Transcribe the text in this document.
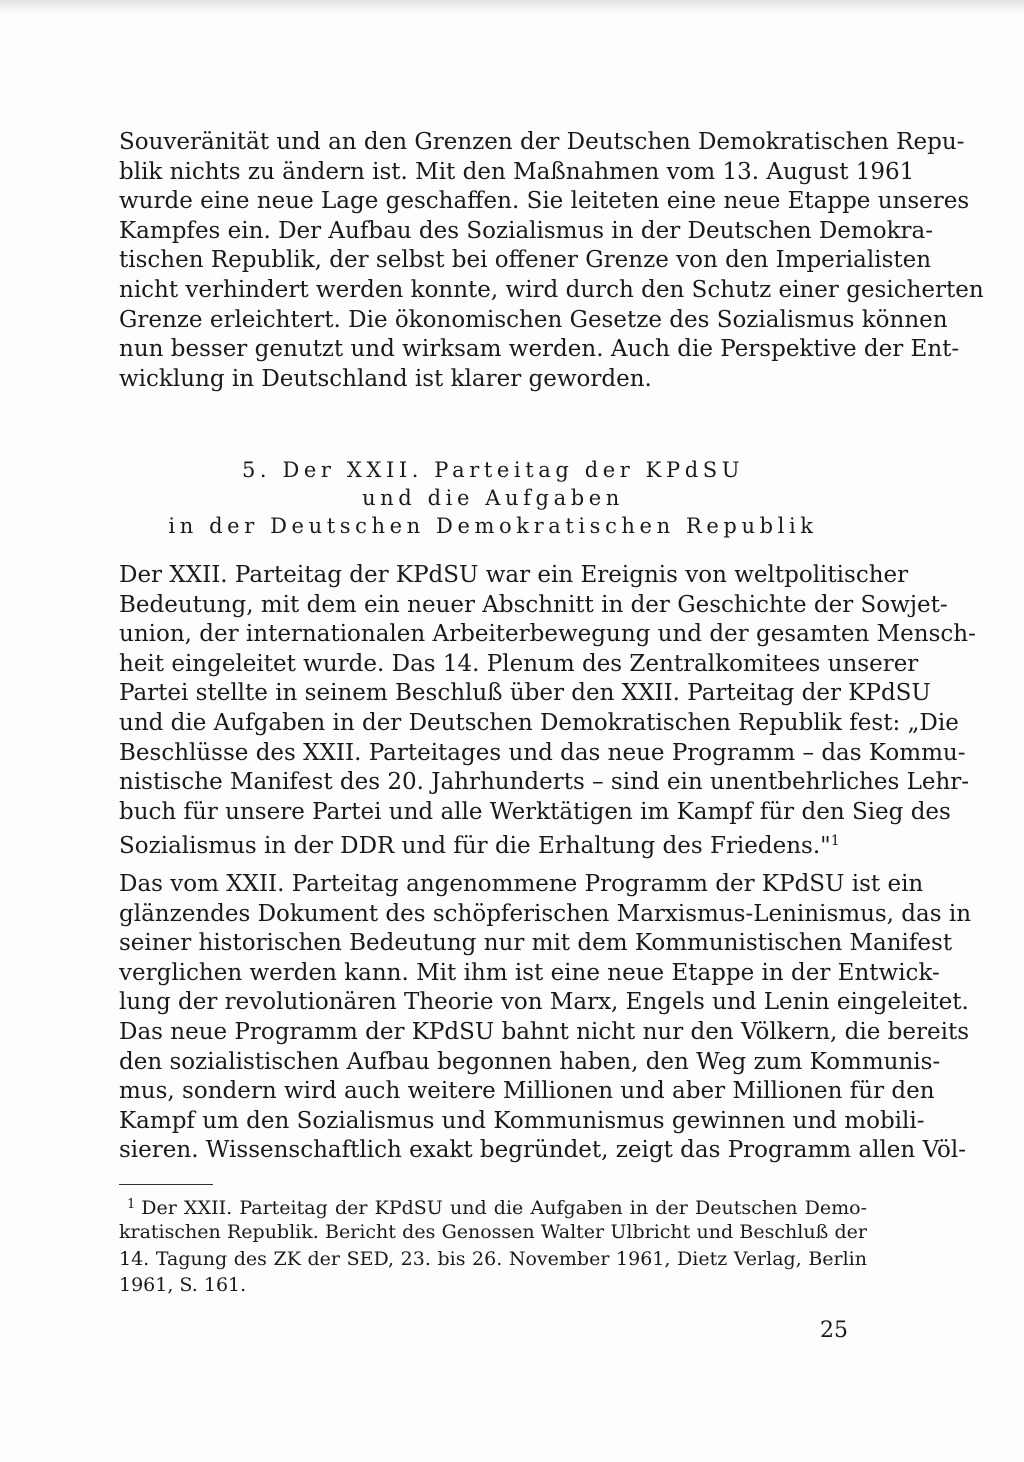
Souveränität und an den Grenzen der Deutschen Demokratischen Repu-
blik nichts zu ändern ist. Mit den Maßnahmen vom 13. August 1961
wurde eine neue Lage geschaffen. Sie leiteten eine neue Etappe unseres
Kampfes ein. Der Aufbau des Sozialismus in der Deutschen Demokra-
tischen Republik, der selbst bei offener Grenze von den Imperialisten
nicht verhindert werden konnte, wird durch den Schutz einer gesicherten
Grenze erleichtert. Die ökonomischen Gesetze des Sozialismus können
nun besser genutzt und wirksam werden. Auch die Perspektive der Ent-
wicklung in Deutschland ist klarer geworden.
5. Der XXII. Parteitag der KPdSU
und die Aufgaben
in der Deutschen Demokratischen Republik
Der XXII. Parteitag der KPdSU war ein Ereignis von weltpolitischer
Bedeutung, mit dem ein neuer Abschnitt in der Geschichte der Sowjet-
union, der internationalen Arbeiterbewegung und der gesamten Mensch-
heit eingeleitet wurde. Das 14. Plenum des Zentralkomitees unserer
Partei stellte in seinem Beschluß über den XXII. Parteitag der KPdSU
und die Aufgaben in der Deutschen Demokratischen Republik fest: „Die
Beschlüsse des XXII. Parteitages und das neue Programm – das Kommu-
nistische Manifest des 20. Jahrhunderts – sind ein unentbehrliches Lehr-
buch für unsere Partei und alle Werktätigen im Kampf für den Sieg des
Sozialismus in der DDR und für die Erhaltung des Friedens."$^1$
Das vom XXII. Parteitag angenommene Programm der KPdSU ist ein
glänzendes Dokument des schöpferischen Marxismus-Leninismus, das in
seiner historischen Bedeutung nur mit dem Kommunistischen Manifest
verglichen werden kann. Mit ihm ist eine neue Etappe in der Entwick-
lung der revolutionären Theorie von Marx, Engels und Lenin eingeleitet.
Das neue Programm der KPdSU bahnt nicht nur den Völkern, die bereits
den sozialistischen Aufbau begonnen haben, den Weg zum Kommunis-
mus, sondern wird auch weitere Millionen und aber Millionen für den
Kampf um den Sozialismus und Kommunismus gewinnen und mobili-
sieren. Wissenschaftlich exakt begründet, zeigt das Programm allen Völ-
$^1$ Der XXII. Parteitag der KPdSU und die Aufgaben in der Deutschen Demo-
kratischen Republik. Bericht des Genossen Walter Ulbricht und Beschluß der
14. Tagung des ZK der SED, 23. bis 26. November 1961, Dietz Verlag, Berlin
1961, S. 161.
25
